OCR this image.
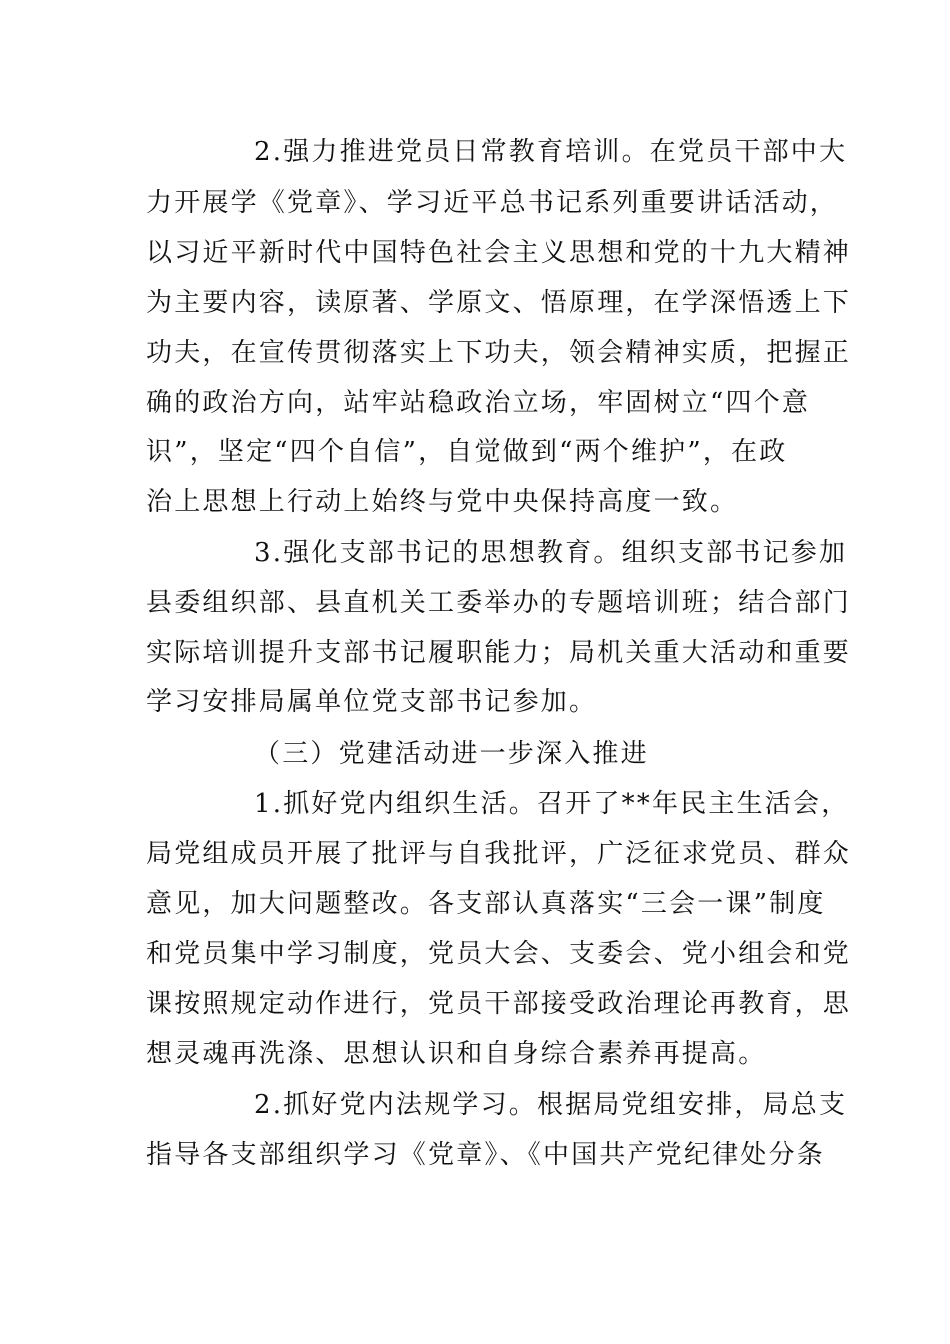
2.强力推进党员日常教育培训。在党员干部中大

力开展学《党章》、学习近平总书记系列重要讲话活动，

以习近平新时代中国特色社会主义思想和党的十九大精神

为主要内容，读原著、学原文、悟原理，在学深悟透上下

功夫，在宣传贯彻落实上下功夫，领会精神实质，把握正

确的政治方向，站牢站稳政治立场，牢固树立“四个意

识”，坚定“四个自信”，自觉做到“两个维护”，在政

治上思想上行动上始终与党中央保持高度一致。

3.强化支部书记的思想教育。组织支部书记参加

县委组织部、县直机关工委举办的专题培训班；结合部门

实际培训提升支部书记履职能力；局机关重大活动和重要

学习安排局属单位党支部书记参加。

（三）党建活动进一步深入推进

1.抓好党内组织生活。召开了**年民主生活会，

局党组成员开展了批评与自我批评，广泛征求党员、群众

意见，加大问题整改。各支部认真落实“三会一课”制度

和党员集中学习制度，党员大会、支委会、党小组会和党

课按照规定动作进行，党员干部接受政治理论再教育，思

想灵魂再洗涤、思想认识和自身综合素养再提高。

2.抓好党内法规学习。根据局党组安排，局总支

指导各支部组织学习《党章》、《中国共产党纪律处分条
